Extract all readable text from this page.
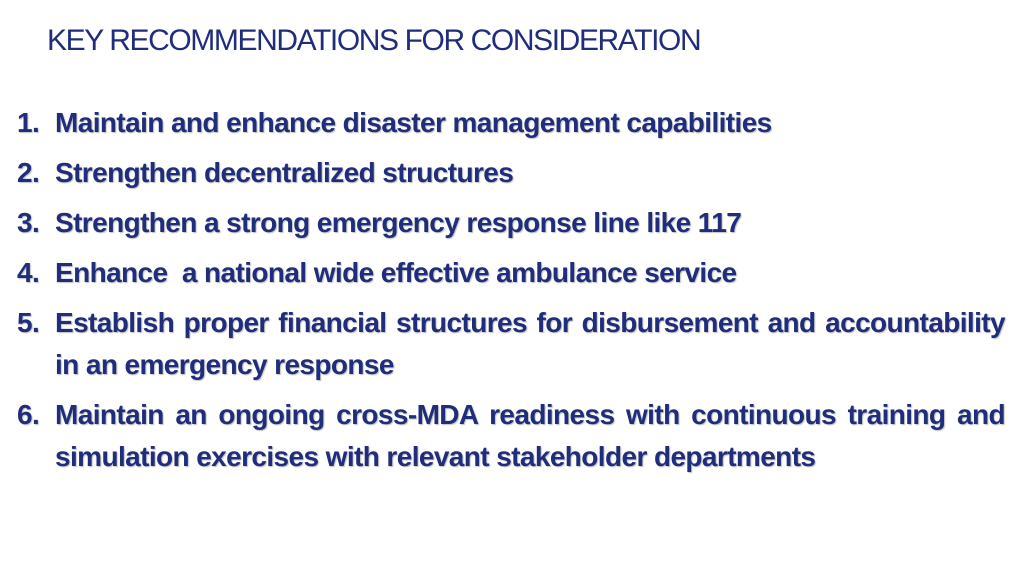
KEY RECOMMENDATIONS FOR CONSIDERATION
1. Maintain and enhance disaster management capabilities
2. Strengthen decentralized structures
3. Strengthen a strong emergency response line like 117
4. Enhance  a national wide effective ambulance service
5. Establish proper financial structures for disbursement and accountability in an emergency response
6. Maintain an ongoing cross-MDA readiness with continuous training and simulation exercises with relevant stakeholder departments
